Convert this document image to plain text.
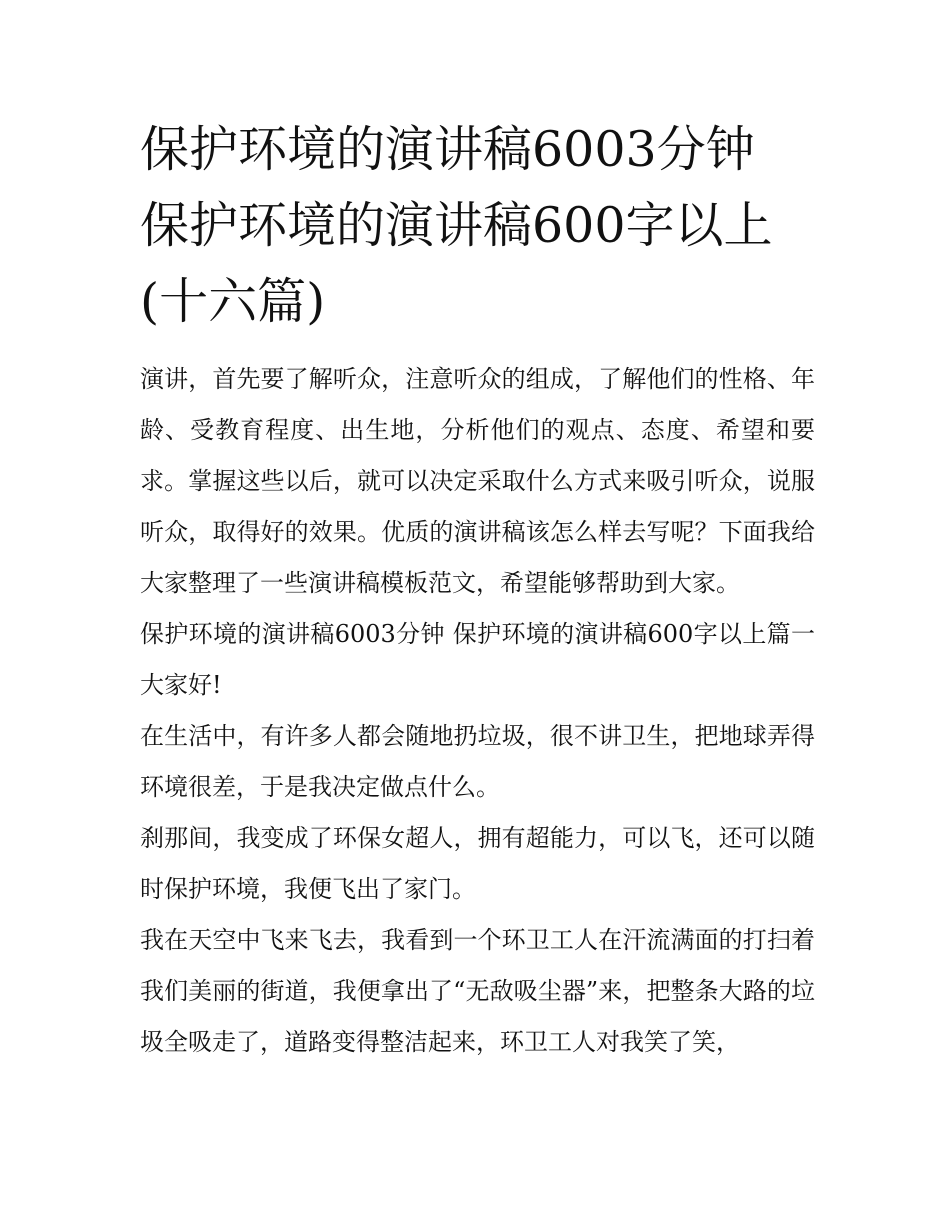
保护环境的演讲稿6003分钟
保护环境的演讲稿600字以上
(十六篇)

演讲，首先要了解听众，注意听众的组成，了解他们的性格、年龄、受教育程度、出生地，分析他们的观点、态度、希望和要求。掌握这些以后，就可以决定采取什么方式来吸引听众，说服听众，取得好的效果。优质的演讲稿该怎么样去写呢？下面我给大家整理了一些演讲稿模板范文，希望能够帮助到大家。

保护环境的演讲稿6003分钟 保护环境的演讲稿600字以上篇一 大家好!

在生活中，有许多人都会随地扔垃圾，很不讲卫生，把地球弄得环境很差，于是我决定做点什么。

刹那间，我变成了环保女超人，拥有超能力，可以飞，还可以随时保护环境，我便飞出了家门。

我在天空中飞来飞去，我看到一个环卫工人在汗流满面的打扫着我们美丽的街道，我便拿出了“无敌吸尘器”来，把整条大路的垃圾全吸走了，道路变得整洁起来，环卫工人对我笑了笑，
